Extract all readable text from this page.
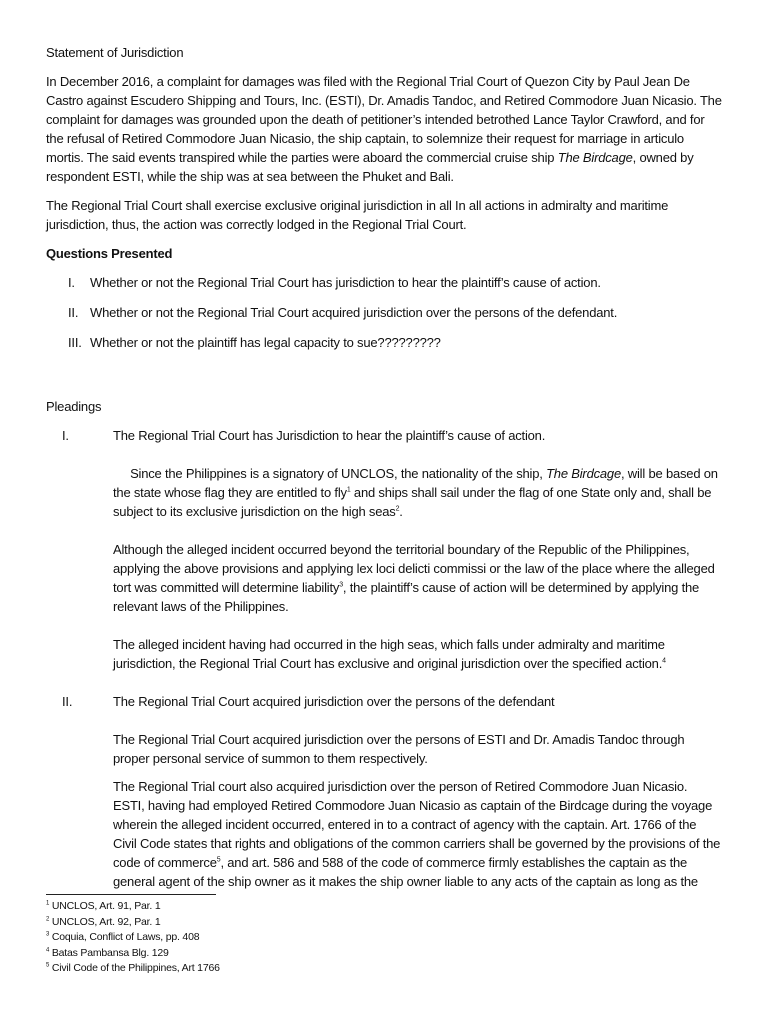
Statement of Jurisdiction

In December 2016, a complaint for damages was filed with the Regional Trial Court of Quezon City by Paul Jean De Castro against Escudero Shipping and Tours, Inc. (ESTI), Dr. Amadis Tandoc, and Retired Commodore Juan Nicasio. The complaint for damages was grounded upon the death of petitioner’s intended betrothed Lance Taylor Crawford, and for the refusal of Retired Commodore Juan Nicasio, the ship captain, to solemnize their request for marriage in articulo mortis. The said events transpired while the parties were aboard the commercial cruise ship The Birdcage, owned by respondent ESTI, while the ship was at sea between the Phuket and Bali.

The Regional Trial Court shall exercise exclusive original jurisdiction in all In all actions in admiralty and maritime jurisdiction, thus, the action was correctly lodged in the Regional Trial Court.

Questions Presented

I.	Whether or not the Regional Trial Court has jurisdiction to hear the plaintiff’s cause of action.
II. Whether or not the Regional Trial Court acquired jurisdiction over the persons of the defendant.
III. Whether or not the plaintiff has legal capacity to sue?????????

Pleadings

I.	The Regional Trial Court has Jurisdiction to hear the plaintiff’s cause of action.

Since the Philippines is a signatory of UNCLOS, the nationality of the ship, The Birdcage, will be based on the state whose flag they are entitled to fly$^1$ and ships shall sail under the flag of one State only and, shall be subject to its exclusive jurisdiction on the high seas$^2$.

Although the alleged incident occurred beyond the territorial boundary of the Republic of the Philippines, applying the above provisions and applying lex loci delicti commissi or the law of the place where the alleged tort was committed will determine liability$^3$, the plaintiff’s cause of action will be determined by applying the relevant laws of the Philippines.

The alleged incident having had occurred in the high seas, which falls under admiralty and maritime jurisdiction, the Regional Trial Court has exclusive and original jurisdiction over the specified action.$^4$

II.	The Regional Trial Court acquired jurisdiction over the persons of the defendant

The Regional Trial Court acquired jurisdiction over the persons of ESTI and Dr. Amadis Tandoc through proper personal service of summon to them respectively.

The Regional Trial court also acquired jurisdiction over the person of Retired Commodore Juan Nicasio. ESTI, having had employed Retired Commodore Juan Nicasio as captain of the Birdcage during the voyage wherein the alleged incident occurred, entered in to a contract of agency with the captain. Art. 1766 of the Civil Code states that rights and obligations of the common carriers shall be governed by the provisions of the code of commerce$^5$, and art. 586 and 588 of the code of commerce firmly establishes the captain as the general agent of the ship owner as it makes the ship owner liable to any acts of the captain as long as the

$^1$ UNCLOS, Art. 91, Par. 1
$^2$ UNCLOS, Art. 92, Par. 1
$^3$ Coquia, Conflict of Laws, pp. 408
$^4$ Batas Pambansa Blg. 129
$^5$ Civil Code of the Philippines, Art 1766
